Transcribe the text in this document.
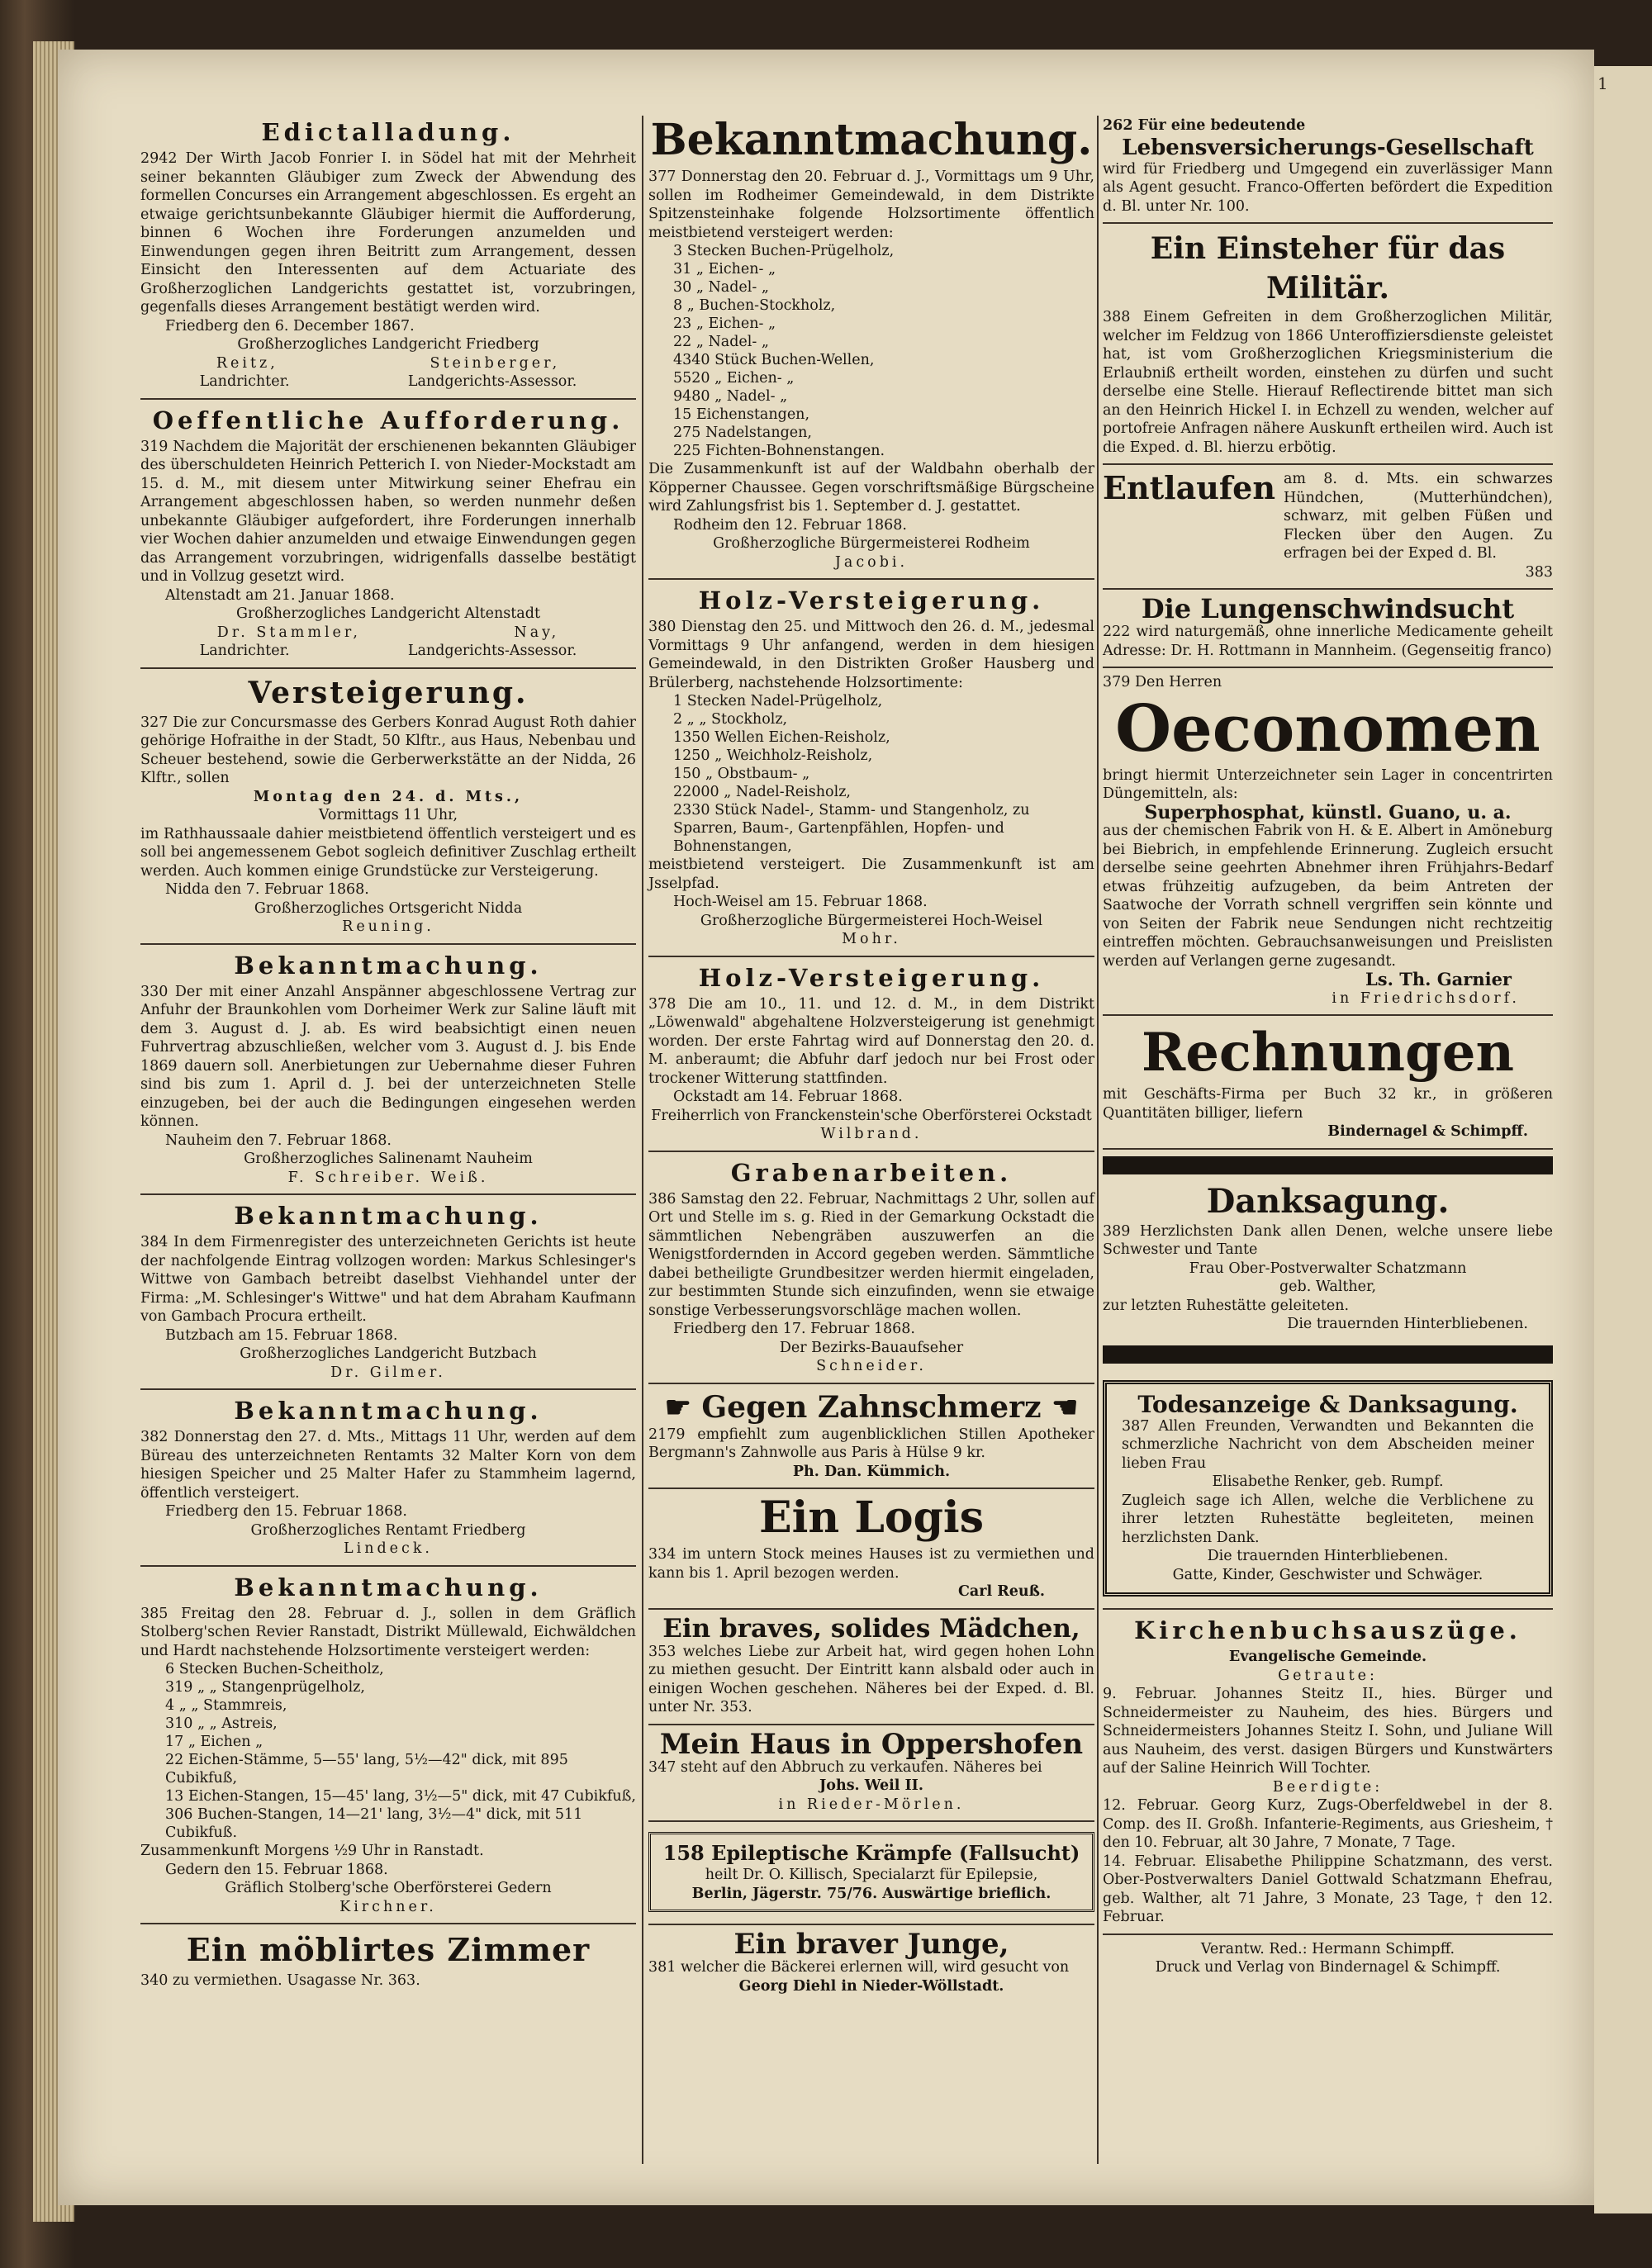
1
Edictalladung.

2942 Der Wirth Jacob Fonrier I. in Södel hat mit der Mehrheit seiner bekannten Gläubiger zum Zweck der Abwendung des formellen Concurses ein Arrangement abgeschlossen. Es ergeht an etwaige gerichtsunbekannte Gläubiger hiermit die Aufforderung, binnen 6 Wochen ihre Forderungen anzumelden und Einwendungen gegen ihren Beitritt zum Arrangement, dessen Einsicht den Interessenten auf dem Actuariate des Großherzoglichen Landgerichts gestattet ist, vorzubringen, gegenfalls dieses Arrangement bestätigt werden wird.

Friedberg den 6. December 1867.

Großherzogliches Landgericht Friedberg

Reitz,	Steinberger,
Landrichter.	Landgerichts-Assessor.
Oeffentliche Aufforderung.

319 Nachdem die Majorität der erschienenen bekannten Gläubiger des überschuldeten Heinrich Petterich I. von Nieder-Mockstadt am 15. d. M., mit diesem unter Mitwirkung seiner Ehefrau ein Arrangement abgeschlossen haben, so werden nunmehr deßen unbekannte Gläubiger aufgefordert, ihre Forderungen innerhalb vier Wochen dahier anzumelden und etwaige Einwendungen gegen das Arrangement vorzubringen, widrigenfalls dasselbe bestätigt und in Vollzug gesetzt wird.

Altenstadt am 21. Januar 1868.

Großherzogliches Landgericht Altenstadt

Dr. Stammler,	Nay,
Landrichter.	Landgerichts-Assessor.
Versteigerung.

327 Die zur Concursmasse des Gerbers Konrad August Roth dahier gehörige Hofraithe in der Stadt, 50 Klftr., aus Haus, Nebenbau und Scheuer bestehend, sowie die Gerberwerkstätte an der Nidda, 26 Klftr., sollen

Montag den 24. d. Mts.,

Vormittags 11 Uhr,

im Rathhaussaale dahier meistbietend öffentlich versteigert und es soll bei angemessenem Gebot sogleich definitiver Zuschlag ertheilt werden. Auch kommen einige Grundstücke zur Versteigerung.

Nidda den 7. Februar 1868.

Großherzogliches Ortsgericht Nidda

Reuning.

Bekanntmachung.

330 Der mit einer Anzahl Anspänner abgeschlossene Vertrag zur Anfuhr der Braunkohlen vom Dorheimer Werk zur Saline läuft mit dem 3. August d. J. ab. Es wird beabsichtigt einen neuen Fuhrvertrag abzuschließen, welcher vom 3. August d. J. bis Ende 1869 dauern soll. Anerbietungen zur Uebernahme dieser Fuhren sind bis zum 1. April d. J. bei der unterzeichneten Stelle einzugeben, bei der auch die Bedingungen eingesehen werden können.

Nauheim den 7. Februar 1868.

Großherzogliches Salinenamt Nauheim

F. Schreiber. Weiß.

Bekanntmachung.

384 In dem Firmenregister des unterzeichneten Gerichts ist heute der nachfolgende Eintrag vollzogen worden: Markus Schlesinger's Wittwe von Gambach betreibt daselbst Viehhandel unter der Firma: „M. Schlesinger's Wittwe" und hat dem Abraham Kaufmann von Gambach Procura ertheilt.

Butzbach am 15. Februar 1868.

Großherzogliches Landgericht Butzbach

Dr. Gilmer.

Bekanntmachung.

382 Donnerstag den 27. d. Mts., Mittags 11 Uhr, werden auf dem Büreau des unterzeichneten Rentamts 32 Malter Korn von dem hiesigen Speicher und 25 Malter Hafer zu Stammheim lagernd, öffentlich versteigert.

Friedberg den 15. Februar 1868.

Großherzogliches Rentamt Friedberg

Lindeck.

Bekanntmachung.

385 Freitag den 28. Februar d. J., sollen in dem Gräflich Stolberg'schen Revier Ranstadt, Distrikt Müllewald, Eichwäldchen und Hardt nachstehende Holzsortimente versteigert werden:

6 Stecken Buchen-Scheitholz,
319 „ „ Stangenprügelholz,
4 „ „ Stammreis,
310 „ „ Astreis,
17 „ Eichen „
22 Eichen-Stämme, 5—55' lang, 5½—42" dick, mit 895 Cubikfuß,
13 Eichen-Stangen, 15—45' lang, 3½—5" dick, mit 47 Cubikfuß,
306 Buchen-Stangen, 14—21' lang, 3½—4" dick, mit 511 Cubikfuß.

Zusammenkunft Morgens ½9 Uhr in Ranstadt.

Gedern den 15. Februar 1868.

Gräflich Stolberg'sche Oberförsterei Gedern

Kirchner.

Ein möblirtes Zimmer

340 zu vermiethen. Usagasse Nr. 363.

Bekanntmachung.

377 Donnerstag den 20. Februar d. J., Vormittags um 9 Uhr, sollen im Rodheimer Gemeindewald, in dem Distrikte Spitzensteinhake folgende Holzsortimente öffentlich meistbietend versteigert werden:

3 Stecken Buchen-Prügelholz,
31 „ Eichen- „
30 „ Nadel- „
8 „ Buchen-Stockholz,
23 „ Eichen- „
22 „ Nadel- „
4340 Stück Buchen-Wellen,
5520 „ Eichen- „
9480 „ Nadel- „
15 Eichenstangen,
275 Nadelstangen,
225 Fichten-Bohnenstangen.

Die Zusammenkunft ist auf der Waldbahn oberhalb der Köpperner Chaussee. Gegen vorschriftsmäßige Bürgscheine wird Zahlungsfrist bis 1. September d. J. gestattet.

Rodheim den 12. Februar 1868.

Großherzogliche Bürgermeisterei Rodheim

Jacobi.

Holz-Versteigerung.

380 Dienstag den 25. und Mittwoch den 26. d. M., jedesmal Vormittags 9 Uhr anfangend, werden in dem hiesigen Gemeindewald, in den Distrikten Großer Hausberg und Brülerberg, nachstehende Holzsortimente:

1 Stecken Nadel-Prügelholz,
2 „ „ Stockholz,
1350 Wellen Eichen-Reisholz,
1250 „ Weichholz-Reisholz,
150 „ Obstbaum- „
22000 „ Nadel-Reisholz,
2330 Stück Nadel-, Stamm- und Stangenholz, zu Sparren, Baum-, Gartenpfählen, Hopfen- und Bohnenstangen,

meistbietend versteigert. Die Zusammenkunft ist am Jsselpfad.

Hoch-Weisel am 15. Februar 1868.

Großherzogliche Bürgermeisterei Hoch-Weisel

Mohr.

Holz-Versteigerung.

378 Die am 10., 11. und 12. d. M., in dem Distrikt „Löwenwald" abgehaltene Holzversteigerung ist genehmigt worden. Der erste Fahrtag wird auf Donnerstag den 20. d. M. anberaumt; die Abfuhr darf jedoch nur bei Frost oder trockener Witterung stattfinden.

Ockstadt am 14. Februar 1868.

Freiherrlich von Franckenstein'sche Oberförsterei Ockstadt

Wilbrand.

Grabenarbeiten.

386 Samstag den 22. Februar, Nachmittags 2 Uhr, sollen auf Ort und Stelle im s. g. Ried in der Gemarkung Ockstadt die sämmtlichen Nebengräben auszuwerfen an die Wenigstfordernden in Accord gegeben werden. Sämmtliche dabei betheiligte Grundbesitzer werden hiermit eingeladen, zur bestimmten Stunde sich einzufinden, wenn sie etwaige sonstige Verbesserungsvorschläge machen wollen.

Friedberg den 17. Februar 1868.

Der Bezirks-Bauaufseher

Schneider.

☛ Gegen Zahnschmerz ☚

2179 empfiehlt zum augenblicklichen Stillen Apotheker Bergmann's Zahnwolle aus Paris à Hülse 9 kr.

Ph. Dan. Kümmich.

Ein Logis

334 im untern Stock meines Hauses ist zu vermiethen und kann bis 1. April bezogen werden.

Carl Reuß.

Ein braves, solides Mädchen,

353 welches Liebe zur Arbeit hat, wird gegen hohen Lohn zu miethen gesucht. Der Eintritt kann alsbald oder auch in einigen Wochen geschehen. Näheres bei der Exped. d. Bl. unter Nr. 353.

Mein Haus in Oppershofen

347 steht auf den Abbruch zu verkaufen. Näheres bei

Johs. Weil II.

in Rieder-Mörlen.

158 Epileptische Krämpfe (Fallsucht)

heilt Dr. O. Killisch, Specialarzt für Epilepsie,

Berlin, Jägerstr. 75/76. Auswärtige brieflich.

Ein braver Junge,

381 welcher die Bäckerei erlernen will, wird gesucht von

Georg Diehl in Nieder-Wöllstadt.

262 Für eine bedeutende

Lebensversicherungs-Gesellschaft

wird für Friedberg und Umgegend ein zuverlässiger Mann als Agent gesucht. Franco-Offerten befördert die Expedition d. Bl. unter Nr. 100.

Ein Einsteher für das Militär.

388 Einem Gefreiten in dem Großherzoglichen Militär, welcher im Feldzug von 1866 Unteroffiziersdienste geleistet hat, ist vom Großherzoglichen Kriegsministerium die Erlaubniß ertheilt worden, einstehen zu dürfen und sucht derselbe eine Stelle. Hierauf Reflectirende bittet man sich an den Heinrich Hickel I. in Echzell zu wenden, welcher auf portofreie Anfragen nähere Auskunft ertheilen wird. Auch ist die Exped. d. Bl. hierzu erbötig.

Entlaufen am 8. d. Mts. ein schwarzes Hündchen, (Mutterhündchen), schwarz, mit gelben Füßen und Flecken über den Augen. Zu erfragen bei der Exped d. Bl.

383

Die Lungenschwindsucht

222 wird naturgemäß, ohne innerliche Medicamente geheilt Adresse: Dr. H. Rottmann in Mannheim. (Gegenseitig franco)

379 Den Herren

Oeconomen

bringt hiermit Unterzeichneter sein Lager in concentrirten Düngemitteln, als:

Superphosphat, künstl. Guano, u. a.

aus der chemischen Fabrik von H. & E. Albert in Amöneburg bei Biebrich, in empfehlende Erinnerung. Zugleich ersucht derselbe seine geehrten Abnehmer ihren Frühjahrs-Bedarf etwas frühzeitig aufzugeben, da beim Antreten der Saatwoche der Vorrath schnell vergriffen sein könnte und von Seiten der Fabrik neue Sendungen nicht rechtzeitig eintreffen möchten. Gebrauchsanweisungen und Preislisten werden auf Verlangen gerne zugesandt.

Ls. Th. Garnier

in Friedrichsdorf.

Rechnungen

mit Geschäfts-Firma per Buch 32 kr., in größeren Quantitäten billiger, liefern

Bindernagel & Schimpff.

Danksagung.

389 Herzlichsten Dank allen Denen, welche unsere liebe Schwester und Tante

Frau Ober-Postverwalter Schatzmann

geb. Walther,

zur letzten Ruhestätte geleiteten.

Die trauernden Hinterbliebenen.

Todesanzeige & Danksagung.

387 Allen Freunden, Verwandten und Bekannten die schmerzliche Nachricht von dem Abscheiden meiner lieben Frau

Elisabethe Renker, geb. Rumpf.

Zugleich sage ich Allen, welche die Verblichene zu ihrer letzten Ruhestätte begleiteten, meinen herzlichsten Dank.

Die trauernden Hinterbliebenen.

Gatte, Kinder, Geschwister und Schwäger.

Kirchenbuchsauszüge.

Evangelische Gemeinde.

Getraute:

9. Februar. Johannes Steitz II., hies. Bürger und Schneidermeister zu Nauheim, des hies. Bürgers und Schneidermeisters Johannes Steitz I. Sohn, und Juliane Will aus Nauheim, des verst. dasigen Bürgers und Kunstwärters auf der Saline Heinrich Will Tochter.

Beerdigte:

12. Februar. Georg Kurz, Zugs-Oberfeldwebel in der 8. Comp. des II. Großh. Infanterie-Regiments, aus Griesheim, † den 10. Februar, alt 30 Jahre, 7 Monate, 7 Tage.

14. Februar. Elisabethe Philippine Schatzmann, des verst. Ober-Postverwalters Daniel Gottwald Schatzmann Ehefrau, geb. Walther, alt 71 Jahre, 3 Monate, 23 Tage, † den 12. Februar.

Verantw. Red.: Hermann Schimpff.

Druck und Verlag von Bindernagel & Schimpff.
